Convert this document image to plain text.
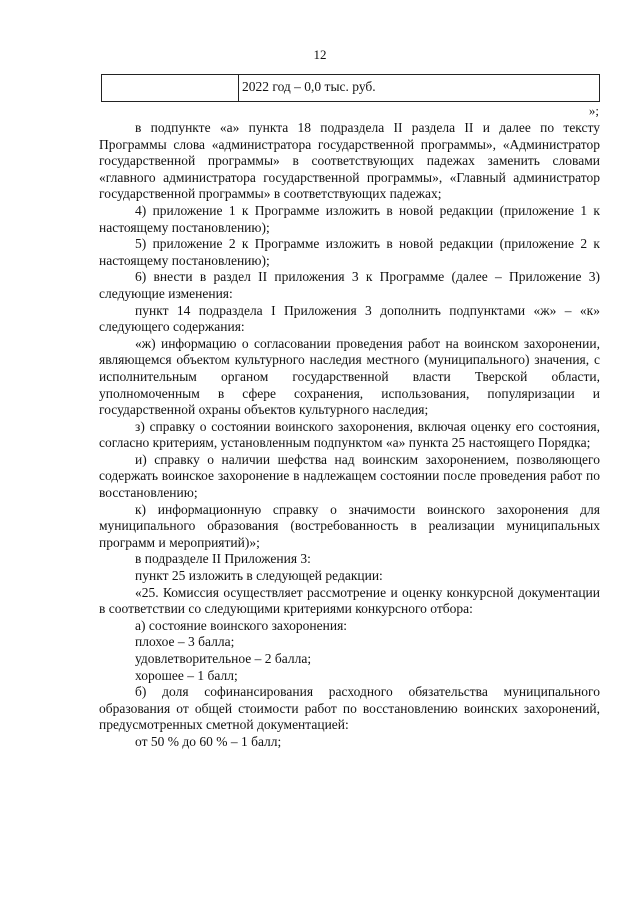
12
2022 год – 0,0 тыс. руб.
»;

в подпункте «а» пункта 18 подраздела II раздела II и далее по тексту Программы слова «администратора государственной программы», «Администратор государственной программы» в соответствующих падежах заменить словами «главного администратора государственной программы», «Главный администратор государственной программы» в соответствующих падежах;

4) приложение 1 к Программе изложить в новой редакции (приложение 1 к настоящему постановлению);

5) приложение 2 к Программе изложить в новой редакции (приложение 2 к настоящему постановлению);

6) внести в раздел II приложения 3 к Программе (далее – Приложение 3) следующие изменения:

пункт 14 подраздела I Приложения 3 дополнить подпунктами «ж» – «к» следующего содержания:

«ж) информацию о согласовании проведения работ на воинском захоронении, являющемся объектом культурного наследия местного (муниципального) значения, с исполнительным органом государственной власти Тверской области, уполномоченным в сфере сохранения, использования, популяризации и государственной охраны объектов культурного наследия;

з) справку о состоянии воинского захоронения, включая оценку его состояния, согласно критериям, установленным подпунктом «а» пункта 25 настоящего Порядка;

и) справку о наличии шефства над воинским захоронением, позволяющего содержать воинское захоронение в надлежащем состоянии после проведения работ по восстановлению;

к) информационную справку о значимости воинского захоронения для муниципального образования (востребованность в реализации муниципальных программ и мероприятий)»;

в подразделе II Приложения 3:

пункт 25 изложить в следующей редакции:

«25. Комиссия осуществляет рассмотрение и оценку конкурсной документации в соответствии со следующими критериями конкурсного отбора:

а) состояние воинского захоронения:

плохое – 3 балла;

удовлетворительное – 2 балла;

хорошее – 1 балл;

б) доля софинансирования расходного обязательства муниципального образования от общей стоимости работ по восстановлению воинских захоронений, предусмотренных сметной документацией:

от 50 % до 60 % – 1 балл;
